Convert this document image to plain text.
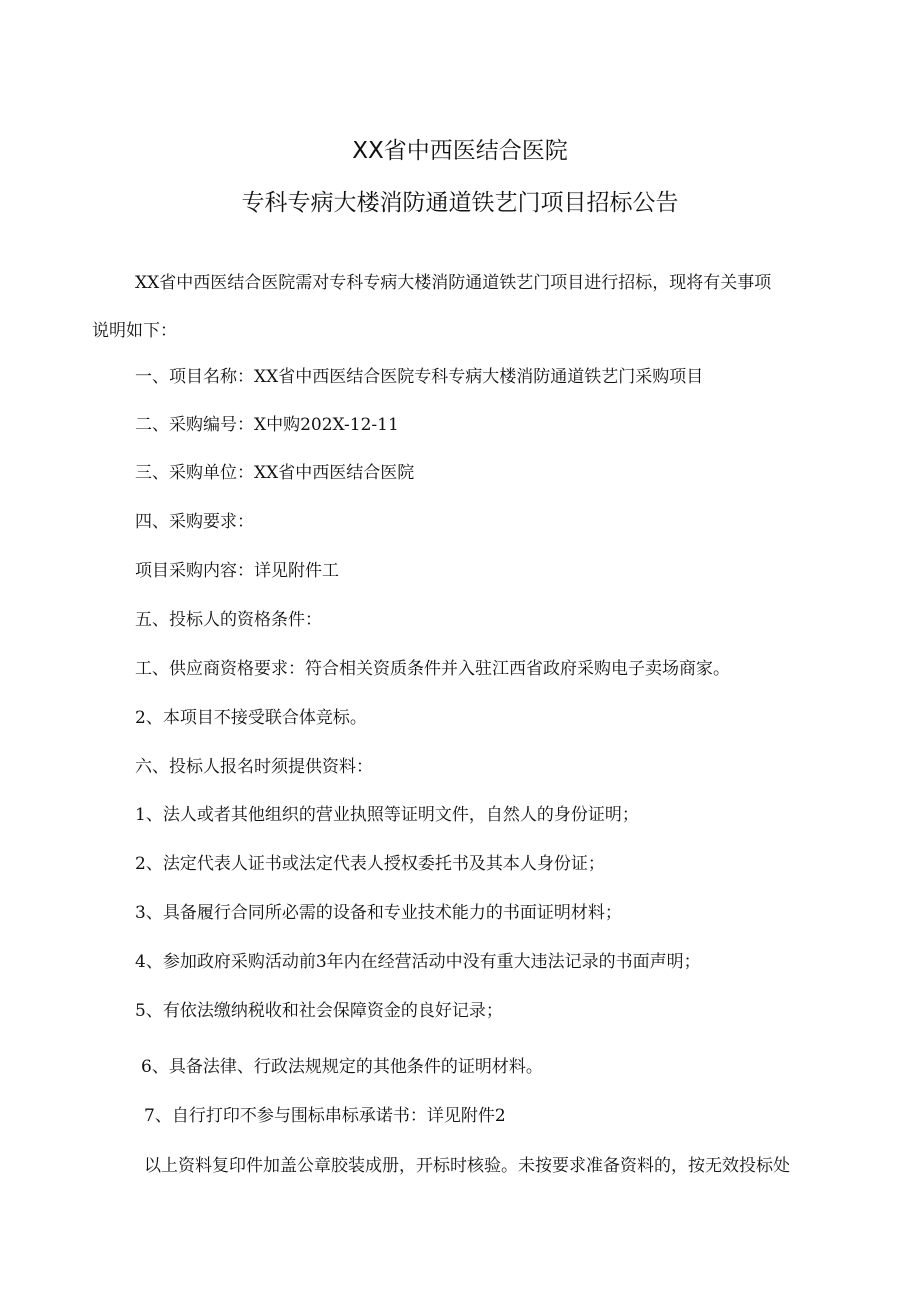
XX省中西医结合医院
专科专病大楼消防通道铁艺门项目招标公告

XX省中西医结合医院需对专科专病大楼消防通道铁艺门项目进行招标，现将有关事项

说明如下：

一、项目名称：XX省中西医结合医院专科专病大楼消防通道铁艺门采购项目

二、采购编号：X中购202X-12-11

三、采购单位：XX省中西医结合医院

四、采购要求：

项目采购内容：详见附件工

五、投标人的资格条件：

工、供应商资格要求：符合相关资质条件并入驻江西省政府采购电子卖场商家。

2、本项目不接受联合体竞标。

六、投标人报名时须提供资料：

1、法人或者其他组织的营业执照等证明文件，自然人的身份证明；

2、法定代表人证书或法定代表人授权委托书及其本人身份证；

3、具备履行合同所必需的设备和专业技术能力的书面证明材料；

4、参加政府采购活动前3年内在经营活动中没有重大违法记录的书面声明；

5、有依法缴纳税收和社会保障资金的良好记录；

6、具备法律、行政法规规定的其他条件的证明材料。

7、自行打印不参与围标串标承诺书：详见附件2

以上资料复印件加盖公章胶装成册，开标时核验。未按要求准备资料的，按无效投标处
